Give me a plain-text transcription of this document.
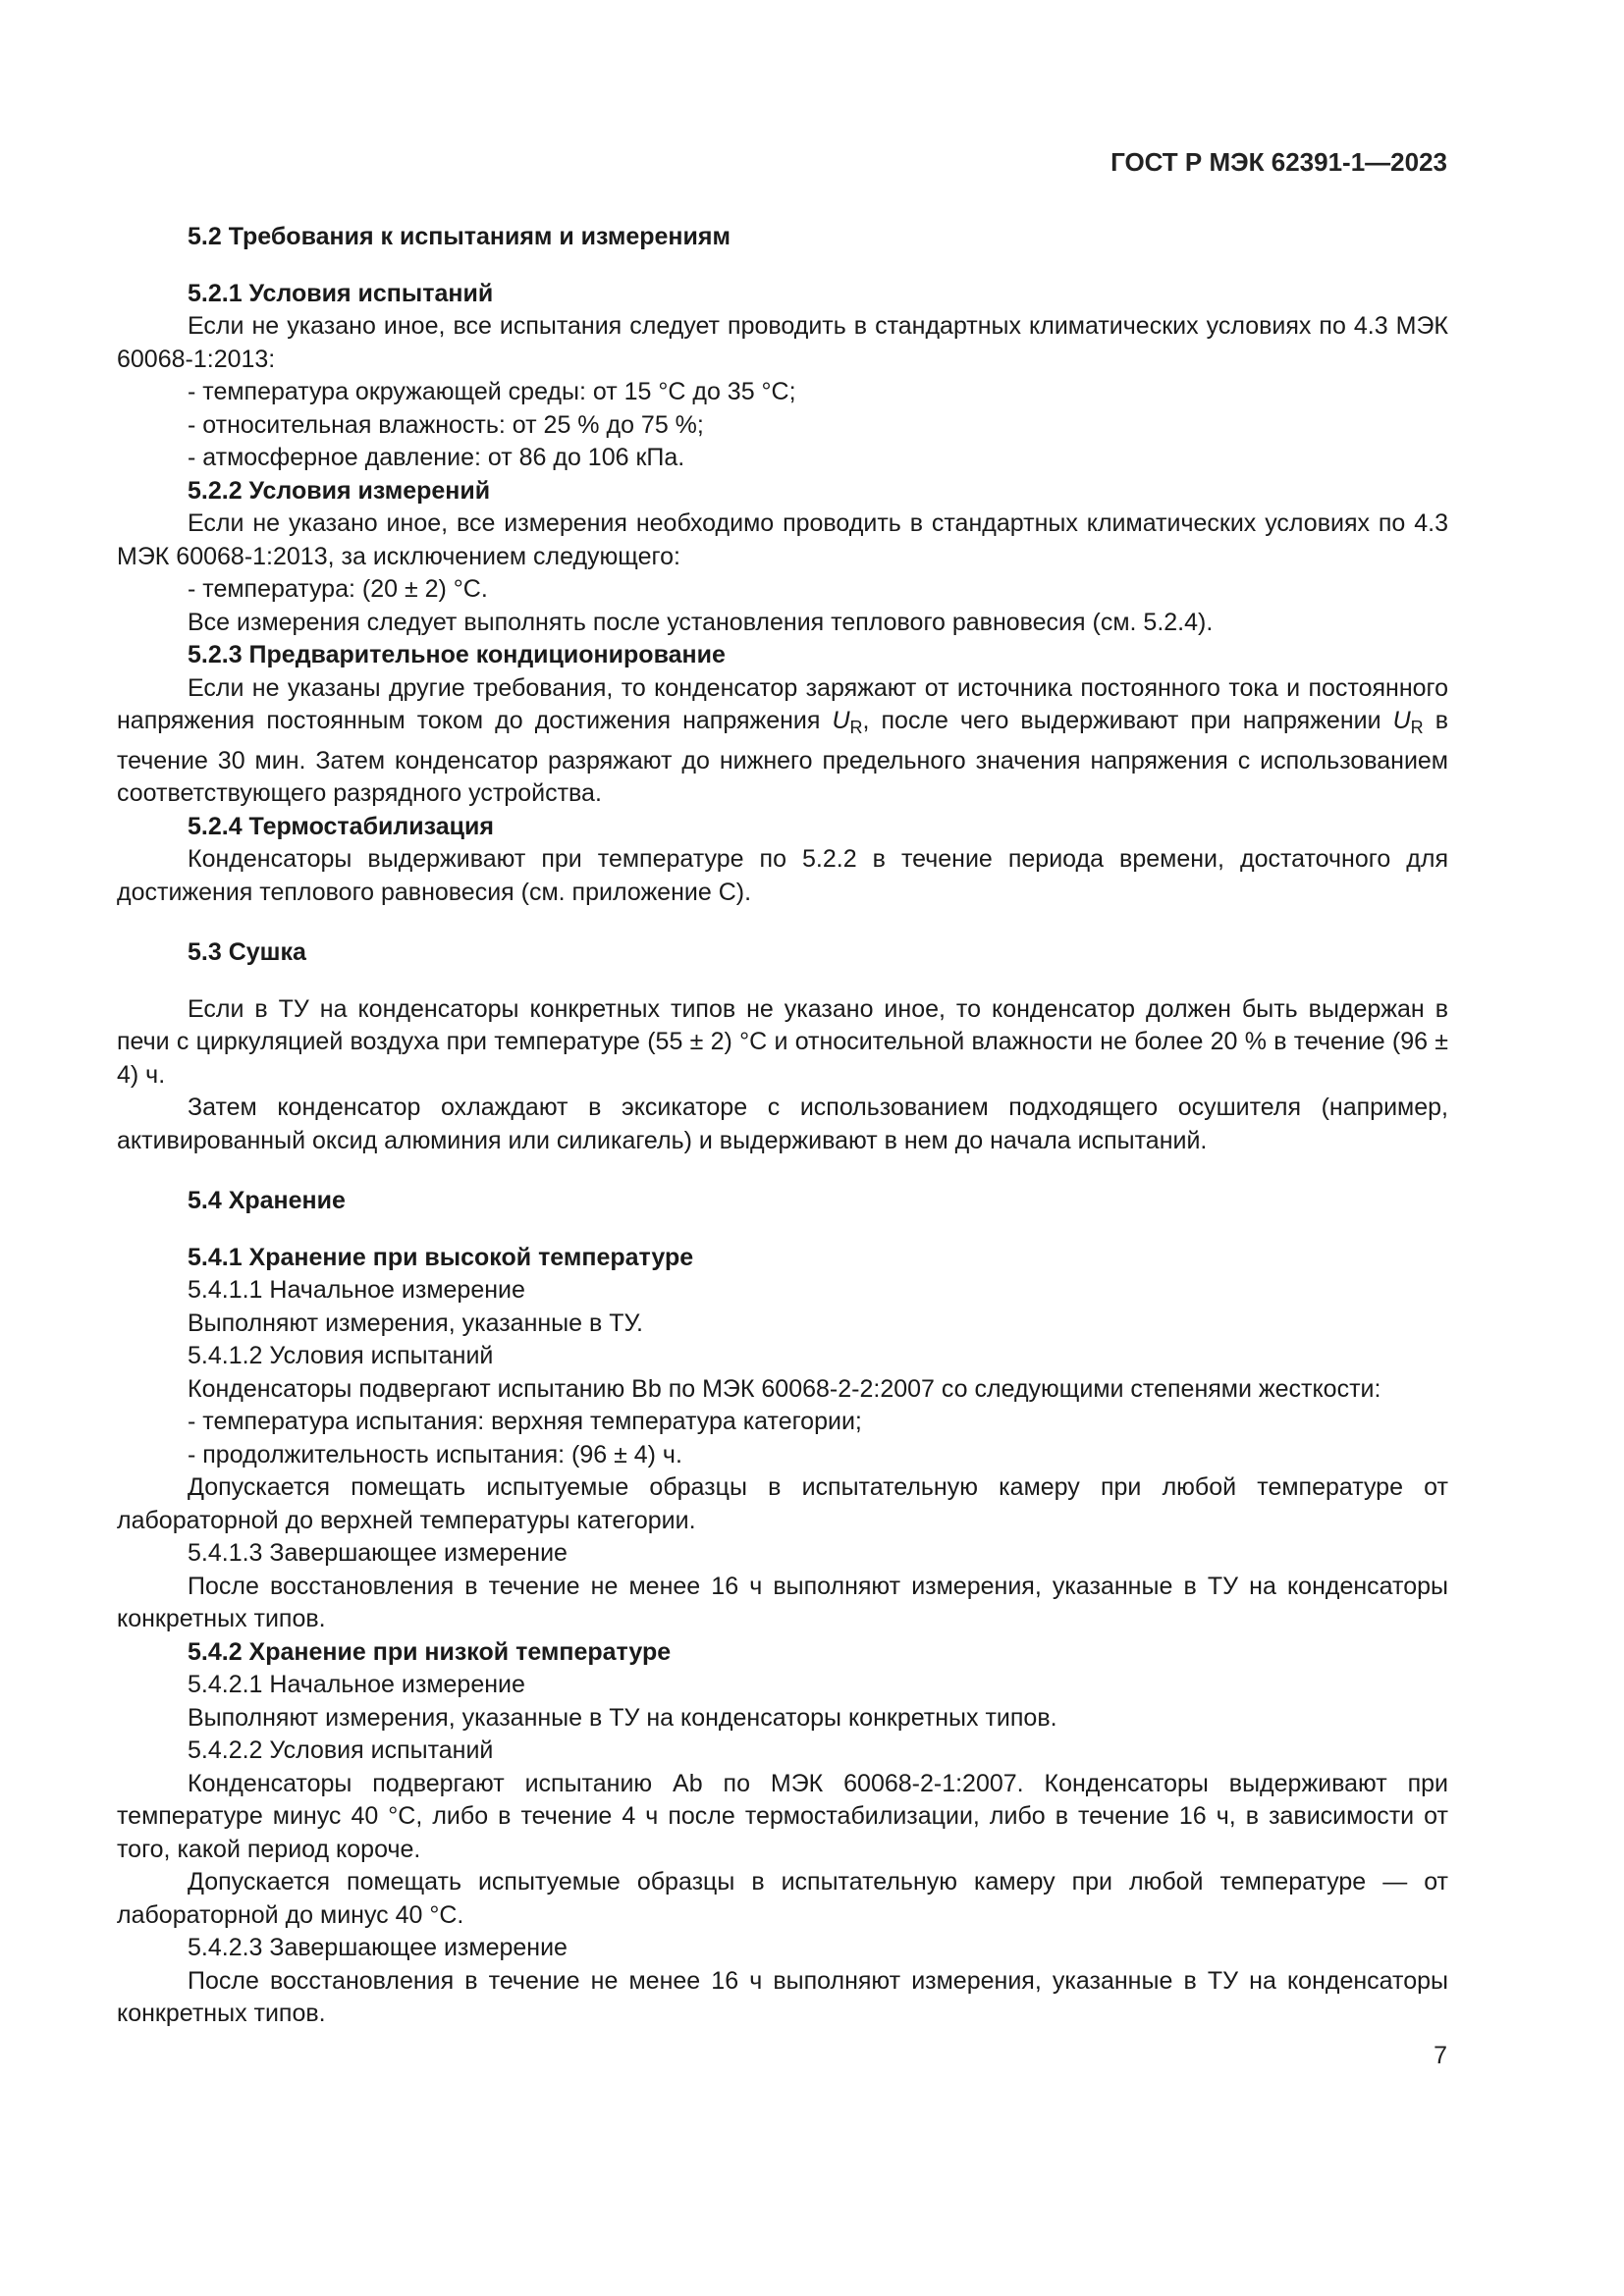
ГОСТ Р МЭК 62391-1—2023
5.2 Требования к испытаниям и измерениям
5.2.1 Условия испытаний

Если не указано иное, все испытания следует проводить в стандартных климатических условиях по 4.3 МЭК 60068-1:2013:

- температура окружающей среды: от 15 °С до 35 °С;
- относительная влажность: от 25 % до 75 %;
- атмосферное давление: от 86 до 106 кПа.
5.2.2 Условия измерений

Если не указано иное, все измерения необходимо проводить в стандартных климатических условиях по 4.3 МЭК 60068-1:2013, за исключением следующего:

- температура: (20 ± 2) °С.

Все измерения следует выполнять после установления теплового равновесия (см. 5.2.4).

5.2.3 Предварительное кондиционирование

Если не указаны другие требования, то конденсатор заряжают от источника постоянного тока и постоянного напряжения постоянным током до достижения напряжения $U_R$, после чего выдерживают при напряжении $U_R$ в течение 30 мин. Затем конденсатор разряжают до нижнего предельного значения напряжения с использованием соответствующего разрядного устройства.

5.2.4 Термостабилизация

Конденсаторы выдерживают при температуре по 5.2.2 в течение периода времени, достаточного для достижения теплового равновесия (см. приложение С).

5.3 Сушка

Если в ТУ на конденсаторы конкретных типов не указано иное, то конденсатор должен быть выдержан в печи с циркуляцией воздуха при температуре (55 ± 2) °С и относительной влажности не более 20 % в течение (96 ± 4) ч.

Затем конденсатор охлаждают в эксикаторе с использованием подходящего осушителя (например, активированный оксид алюминия или силикагель) и выдерживают в нем до начала испытаний.

5.4 Хранение
5.4.1 Хранение при высокой температуре

5.4.1.1 Начальное измерение

Выполняют измерения, указанные в ТУ.

5.4.1.2 Условия испытаний

Конденсаторы подвергают испытанию Bb по МЭК 60068-2-2:2007 со следующими степенями жесткости:

- температура испытания: верхняя температура категории;
- продолжительность испытания: (96 ± 4) ч.

Допускается помещать испытуемые образцы в испытательную камеру при любой температуре от лабораторной до верхней температуры категории.

5.4.1.3 Завершающее измерение

После восстановления в течение не менее 16 ч выполняют измерения, указанные в ТУ на конденсаторы конкретных типов.

5.4.2 Хранение при низкой температуре

5.4.2.1 Начальное измерение

Выполняют измерения, указанные в ТУ на конденсаторы конкретных типов.

5.4.2.2 Условия испытаний

Конденсаторы подвергают испытанию Ab по МЭК 60068-2-1:2007. Конденсаторы выдерживают при температуре минус 40 °С, либо в течение 4 ч после термостабилизации, либо в течение 16 ч, в зависимости от того, какой период короче.

Допускается помещать испытуемые образцы в испытательную камеру при любой температуре — от лабораторной до минус 40 °С.

5.4.2.3 Завершающее измерение

После восстановления в течение не менее 16 ч выполняют измерения, указанные в ТУ на конденсаторы конкретных типов.

7
